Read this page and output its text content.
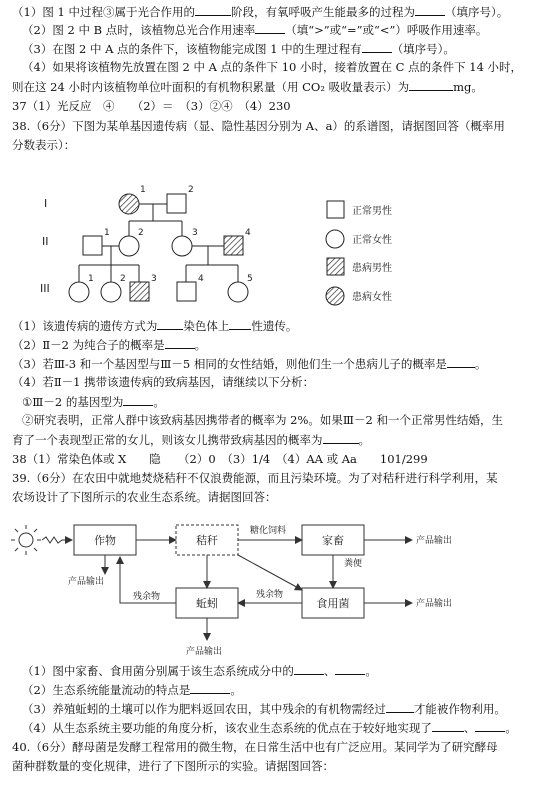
（1）图 1 中过程③属于光合作用的	阶段，有氧呼吸产生能最多的过程为	（填序号）。
（2）图 2 中 B 点时，该植物总光合作用速率	（填“>”或“=”或“<”）呼吸作用速率。
（3）在图 2 中 A 点的条件下，该植物能完成图 1 中的生理过程有	（填序号）。
（4）如果将该植物先放置在图 2 中 A 点的条件下 10 小时，接着放置在 C 点的条件下 14 小时，
则在这 24 小时内该植物单位叶面积的有机物积累量（用 CO₂ 吸收量表示）为	mg。
37（1）光反应　④　　（2）＝　（3）②④　（4）230
38.（6分）下图为某单基因遗传病（显、隐性基因分别为 A、a）的系谱图，请据图回答（概率用
分数表示）：
I
II
III
1	2
1	2	3	4
1	2	3	4	5
正常男性
正常女性
患病男性
患病女性
（1）该遗传病的遗传方式为 染色体上 性遗传。
（2）Ⅱ－2 为纯合子的概率是	。
（3）若Ⅲ-3 和一个基因型与Ⅲ－5 相同的女性结婚，则他们生一个患病儿子的概率是 。
（4）若Ⅱ－1 携带该遗传病的致病基因，请继续以下分析：
①Ⅲ－2 的基因型为	。
②研究表明，正常人群中该致病基因携带者的概率为 2%。如果Ⅲ－2 和一个正常男性结婚，生
育了一个表现型正常的女儿，则该女儿携带致病基因的概率为	。
38（1）常染色体或 X　　隐　　（2）0　（3）1/4　（4）AA 或 Aa　　101/299
39.（6分）在农田中就地焚烧秸秆不仅浪费能源，而且污染环境。为了对秸秆进行科学利用，某
农场设计了下图所示的农业生态系统。请据图回答：
作物	秸秆	家畜
蚯蚓	食用菌
糖化饲料
产品输出
粪便
产品输出
残余物	残余物
产品输出
产品输出
（1）图中家畜、食用菌分别属于该生态系统成分中的	、	。
（2）生态系统能量流动的特点是	。
（3）养殖蚯蚓的土壤可以作为肥料返回农田，其中残余的有机物需经过 才能被作物利用。
（4）从生态系统主要功能的角度分析，该农业生态系统的优点在于较好地实现了	、	。
40.（6分）酵母菌是发酵工程常用的微生物，在日常生活中也有广泛应用。某同学为了研究酵母
菌种群数量的变化规律，进行了下图所示的实验。请据图回答：
